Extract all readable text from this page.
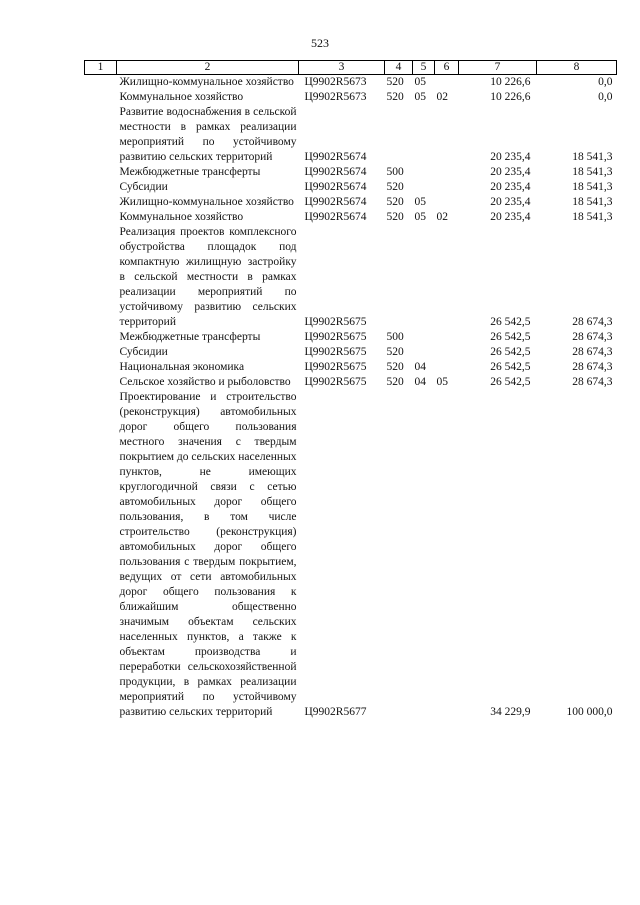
523
1	2	3	4	5	6	7	8
	Жилищно-коммунальное хозяйство	Ц9902R5673	520	05		10 226,6	0,0
	Коммунальное хозяйство	Ц9902R5673	520	05	02	10 226,6	0,0
	Развитие водоснабжения в сельской местности в рамках реализации мероприятий по устойчивому развитию сельских территорий	Ц9902R5674				20 235,4	18 541,3
	Межбюджетные трансферты	Ц9902R5674	500			20 235,4	18 541,3
	Субсидии	Ц9902R5674	520			20 235,4	18 541,3
	Жилищно-коммунальное хозяйство	Ц9902R5674	520	05		20 235,4	18 541,3
	Коммунальное хозяйство	Ц9902R5674	520	05	02	20 235,4	18 541,3
	Реализация проектов комплексного обустройства площадок под компактную жилищную застройку в сельской местности в рамках реализации мероприятий по устойчивому развитию сельских территорий	Ц9902R5675				26 542,5	28 674,3
	Межбюджетные трансферты	Ц9902R5675	500			26 542,5	28 674,3
	Субсидии	Ц9902R5675	520			26 542,5	28 674,3
	Национальная экономика	Ц9902R5675	520	04		26 542,5	28 674,3
	Сельское хозяйство и рыболовство	Ц9902R5675	520	04	05	26 542,5	28 674,3
	Проектирование и строительство (реконструкция) автомобильных дорог общего пользования местного значения с твердым покрытием до сельских населенных пунктов, не имеющих круглогодичной связи с сетью автомобильных дорог общего пользования, в том числе строительство (реконструкция) автомобильных дорог общего пользования с твердым покрытием, ведущих от сети автомобильных дорог общего пользования к ближайшим общественно значимым объектам сельских населенных пунктов, а также к объектам производства и переработки сельскохозяйственной продукции, в рамках реализации мероприятий по устойчивому развитию сельских территорий	Ц9902R5677				34 229,9	100 000,0
